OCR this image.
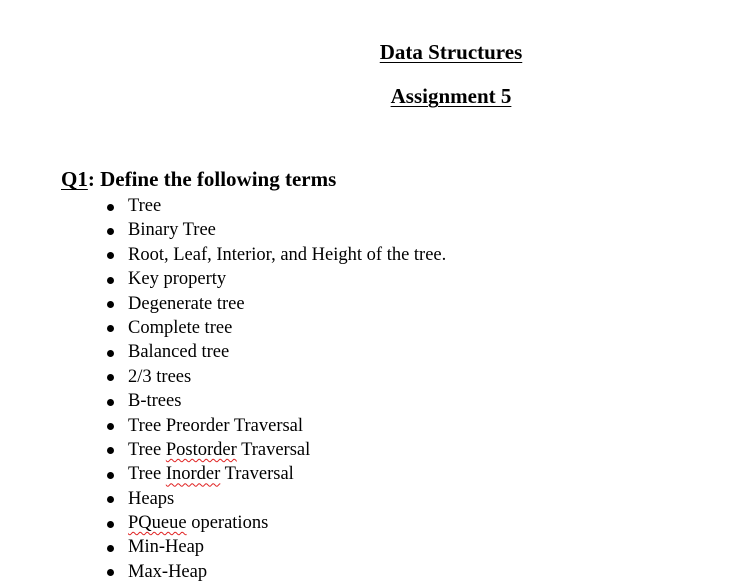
Data Structures
Assignment 5
Q1: Define the following terms
Tree
Binary Tree
Root, Leaf, Interior, and Height of the tree.
Key property
Degenerate tree
Complete tree
Balanced tree
2/3 trees
B-trees
Tree Preorder Traversal
Tree Postorder Traversal
Tree Inorder Traversal
Heaps
PQueue operations
Min-Heap
Max-Heap
